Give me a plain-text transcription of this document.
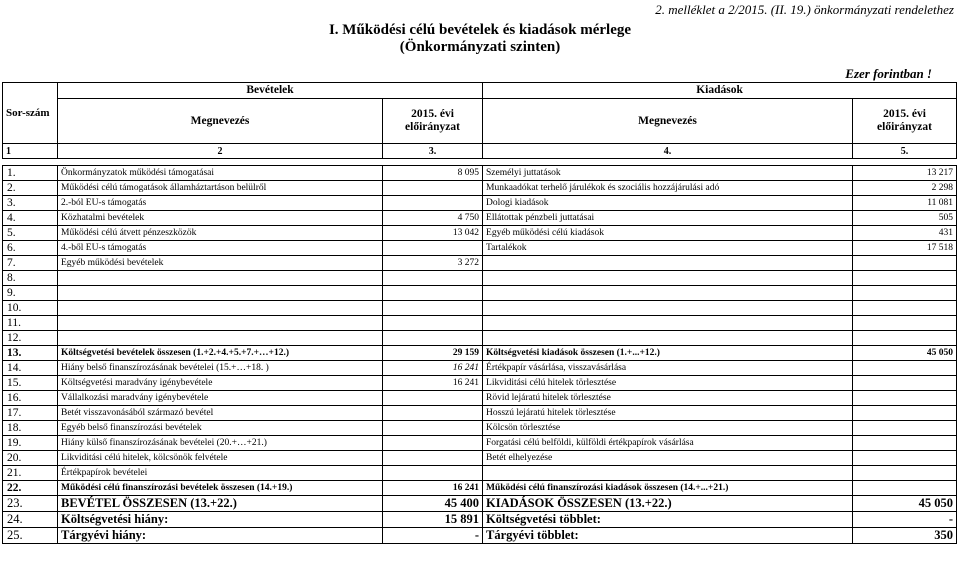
2. melléklet a 2/2015. (II. 19.) önkormányzati rendelethez
I. Működési célú bevételek és kiadások mérlege
(Önkormányzati szinten)
Ezer forintban !
Sor-szám	Bevételek		Kiadások	
	Megnevezés	2015. évi előirányzat	Megnevezés	2015. évi előirányzat
1	2	3.	4.	5.

1.	Önkormányzatok működési támogatásai	8 095	Személyi juttatások	13 217
2.	Működési célú támogatások államháztartáson belülről		Munkaadókat terhelő járulékok és szociális hozzájárulási adó	2 298
3.	2.-ból EU-s támogatás		Dologi kiadások	11 081
4.	Közhatalmi bevételek	4 750	Ellátottak pénzbeli juttatásai	505
5.	Működési célú átvett pénzeszközök	13 042	Egyéb működési célú kiadások	431
6.	4.-ből EU-s támogatás		Tartalékok	17 518
7.	Egyéb működési bevételek	3 272		
8.				
9.				
10.				
11.				
12.				
13.	Költségvetési bevételek összesen (1.+2.+4.+5.+7.+…+12.)	29 159	Költségvetési kiadások összesen (1.+...+12.)	45 050
14.	Hiány belső finanszírozásának bevételei (15.+…+18. )	16 241	Értékpapír vásárlása, visszavásárlása	
15.	Költségvetési maradvány igénybevétele	16 241	Likviditási célú hitelek törlesztése	
16.	Vállalkozási maradvány igénybevétele		Rövid lejáratú hitelek törlesztése	
17.	Betét visszavonásából származó bevétel		Hosszú lejáratú hitelek törlesztése	
18.	Egyéb belső finanszírozási bevételek		Kölcsön törlesztése	
19.	Hiány külső finanszírozásának bevételei (20.+…+21.)		Forgatási célú belföldi, külföldi értékpapírok vásárlása	
20.	Likviditási célú hitelek, kölcsönök felvétele		Betét elhelyezése	
21.	Értékpapírok bevételei			
22.	Működési célú finanszírozási bevételek összesen (14.+19.)	16 241	Működési célú finanszírozási kiadások összesen (14.+...+21.)	
23.	BEVÉTEL ÖSSZESEN (13.+22.)	45 400	KIADÁSOK ÖSSZESEN (13.+22.)	45 050
24.	Költségvetési hiány:	15 891	Költségvetési többlet:	-
25.	Tárgyévi hiány:	-	Tárgyévi többlet:	350
